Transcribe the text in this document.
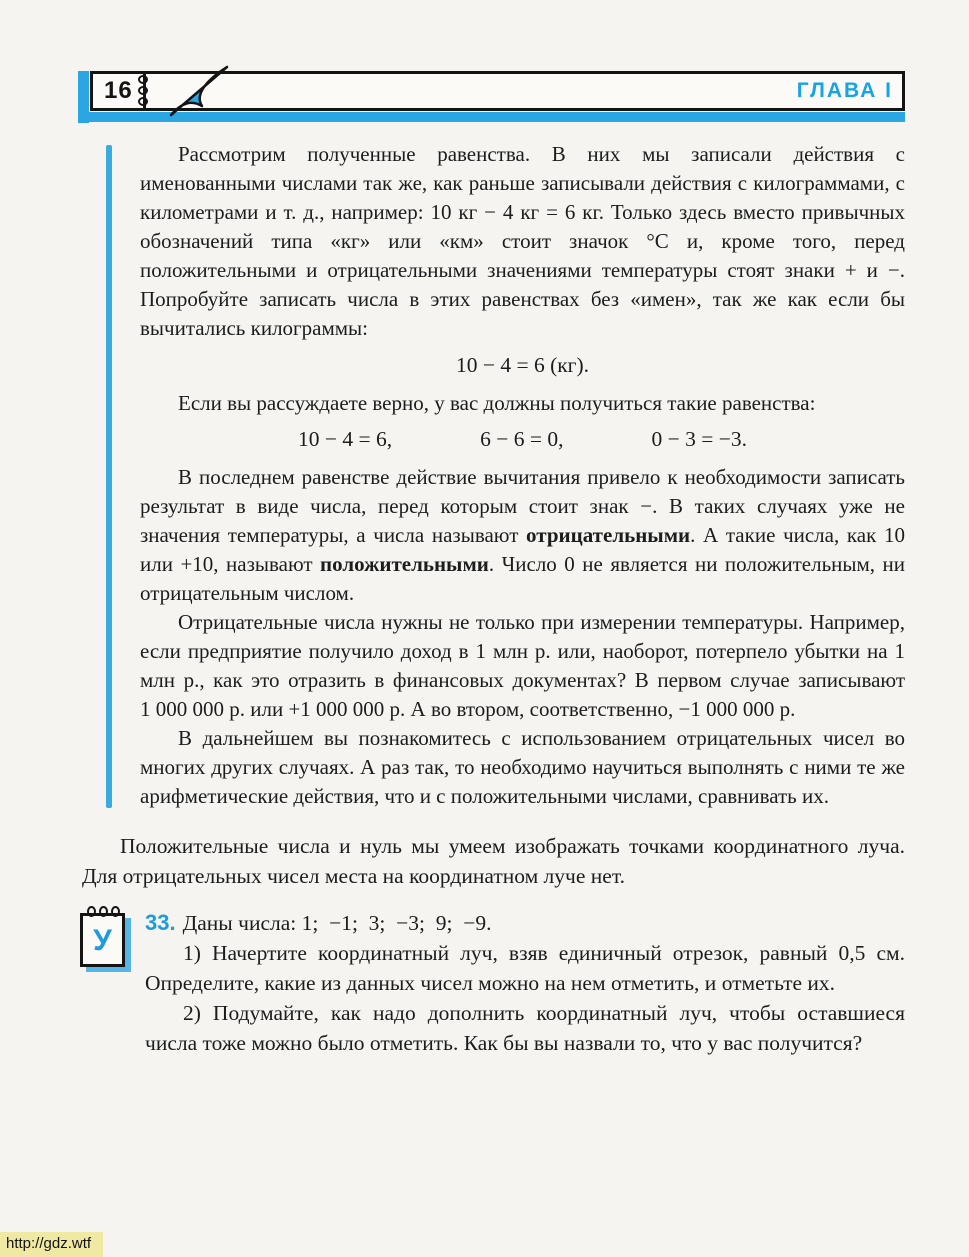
16	ГЛАВА I

Рассмотрим полученные равенства. В них мы записали действия с именованными числами так же, как раньше записывали действия с килограммами, с километрами и т. д., например: 10 кг − 4 кг = 6 кг. Только здесь вместо привычных обозначений типа «кг» или «км» стоит значок °С и, кроме того, перед положительными и отрицательными значениями температуры стоят знаки + и −. Попробуйте записать числа в этих равенствах без «имен», так же как если бы вычитались килограммы:

10 − 4 = 6 (кг).

Если вы рассуждаете верно, у вас должны получиться такие равенства:

10 − 4 = 6,	6 − 6 = 0,	0 − 3 = −3.

В последнем равенстве действие вычитания привело к необходимости записать результат в виде числа, перед которым стоит знак −. В таких случаях уже не значения температуры, а числа называют отрицательными. А такие числа, как 10 или +10, называют положительными. Число 0 не является ни положительным, ни отрицательным числом.

Отрицательные числа нужны не только при измерении температуры. Например, если предприятие получило доход в 1 млн р. или, наоборот, потерпело убытки на 1 млн р., как это отразить в финансовых документах? В первом случае записывают 1 000 000 р. или +1 000 000 р. А во втором, соответственно, −1 000 000 р.

В дальнейшем вы познакомитесь с использованием отрицательных чисел во многих других случаях. А раз так, то необходимо научиться выполнять с ними те же арифметические действия, что и с положительными числами, сравнивать их.

Положительные числа и нуль мы умеем изображать точками координатного луча. Для отрицательных чисел места на координатном луче нет.

У

33. Даны числа: 1;  −1;  3;  −3;  9;  −9.

1) Начертите координатный луч, взяв единичный отрезок, равный 0,5 см. Определите, какие из данных чисел можно на нем отметить, и отметьте их.

2) Подумайте, как надо дополнить координатный луч, чтобы оставшиеся числа тоже можно было отметить. Как бы вы назвали то, что у вас получится?

http://gdz.wtf
